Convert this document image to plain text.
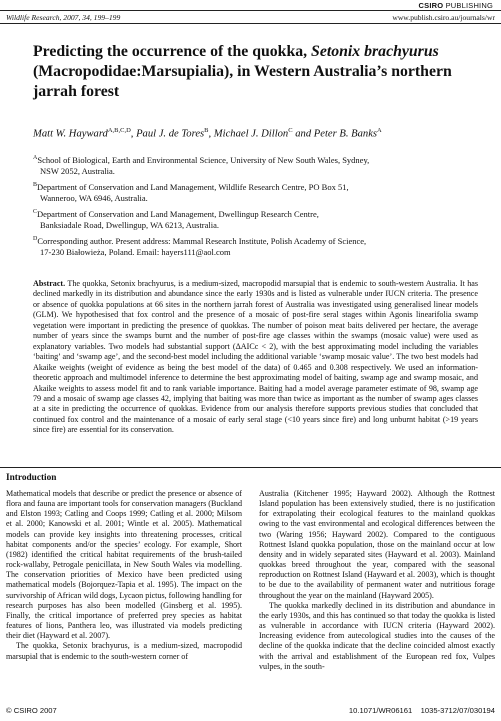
CSIRO PUBLISHING
Wildlife Research, 2007, 34, 199–199	www.publish.csiro.au/journals/wr
Predicting the occurrence of the quokka, Setonix brachyurus
(Macropodidae:Marsupialia), in Western Australia’s northern jarrah forest
Matt W. Hayward$^{A,B,C,D}$, Paul J. de Tores$^B$, Michael J. Dillon$^C$ and Peter B. Banks$^A$
$^A$School of Biological, Earth and Environmental Science, University of New South Wales, Sydney,
NSW 2052, Australia.
$^B$Department of Conservation and Land Management, Wildlife Research Centre, PO Box 51,
Wanneroo, WA 6946, Australia.
$^C$Department of Conservation and Land Management, Dwellingup Research Centre,
Banksiadale Road, Dwellingup, WA 6213, Australia.
$^D$Corresponding author. Present address: Mammal Research Institute, Polish Academy of Science,
17-230 Białowieża, Poland. Email: hayers111@aol.com
Abstract. The quokka, Setonix brachyurus, is a medium-sized, macropodid marsupial that is endemic to south-western Australia. It has declined markedly in its distribution and abundance since the early 1930s and is listed as vulnerable under IUCN criteria. The presence or absence of quokka populations at 66 sites in the northern jarrah forest of Australia was investigated using generalised linear models (GLM). We hypothesised that fox control and the presence of a mosaic of post-fire seral stages within Agonis linearifolia swamp vegetation were important in predicting the presence of quokkas. The number of poison meat baits delivered per hectare, the average number of years since the swamps burnt and the number of post-fire age classes within the swamps (mosaic value) were used as explanatory variables. Two models had substantial support (ΔAICc < 2), with the best approximating model including the variables ‘baiting’ and ‘swamp age’, and the second-best model including the additional variable ‘swamp mosaic value’. The two best models had Akaike weights (weight of evidence as being the best model of the data) of 0.465 and 0.308 respectively. We used an information-theoretic approach and multimodel inference to determine the best approximating model of baiting, swamp age and swamp mosaic, and Akaike weights to assess model fit and to rank variable importance. Baiting had a model average parameter estimate of 98, swamp age 79 and a mosaic of swamp age classes 42, implying that baiting was more than twice as important as the number of swamp ages classes at a site in predicting the occurrence of quokkas. Evidence from our analysis therefore supports previous studies that concluded that continued fox control and the maintenance of a mosaic of early seral stage (<10 years since fire) and long unburnt habitat (>19 years since fire) are essential for its conservation.
Introduction

Mathematical models that describe or predict the presence or absence of flora and fauna are important tools for conservation managers (Buckland and Elston 1993; Catling and Coops 1999; Catling et al. 2000; Milsom et al. 2000; Kanowski et al. 2001; Wintle et al. 2005). Mathematical models can provide key insights into threatening processes, critical habitat components and/or the species’ ecology. For example, Short (1982) identified the critical habitat requirements of the brush-tailed rock-wallaby, Petrogale penicillata, in New South Wales via modelling. The conservation priorities of Mexico have been predicted using mathematical models (Bojorquez-Tapia et al. 1995). The impact on the survivorship of African wild dogs, Lycaon pictus, following handling for research purposes has also been modelled (Ginsberg et al. 1995). Finally, the critical importance of preferred prey species as habitat features of lions, Panthera leo, was illustrated via models predicting their diet (Hayward et al. 2007).

The quokka, Setonix brachyurus, is a medium-sized, macropodid marsupial that is endemic to the south-western corner of

Australia (Kitchener 1995; Hayward 2002). Although the Rottnest Island population has been extensively studied, there is no justification for extrapolating their ecological features to the mainland quokkas owing to the vast environmental and ecological differences between the two (Waring 1956; Hayward 2002). Compared to the contiguous Rottnest Island quokka population, those on the mainland occur at low density and in widely separated sites (Hayward et al. 2003). Mainland quokkas breed throughout the year, compared with the seasonal reproduction on Rottnest Island (Hayward et al. 2003), which is thought to be due to the availability of permanent water and nutritious forage throughout the year on the mainland (Hayward 2005).

The quokka markedly declined in its distribution and abundance in the early 1930s, and this has continued so that today the quokka is listed as vulnerable in accordance with IUCN criteria (Hayward 2002). Increasing evidence from autecological studies into the causes of the decline of the quokka indicate that the decline coincided almost exactly with the arrival and establishment of the European red fox, Vulpes vulpes, in the south-

© CSIRO 2007	10.1071/WR06161 1035-3712/07/030194
